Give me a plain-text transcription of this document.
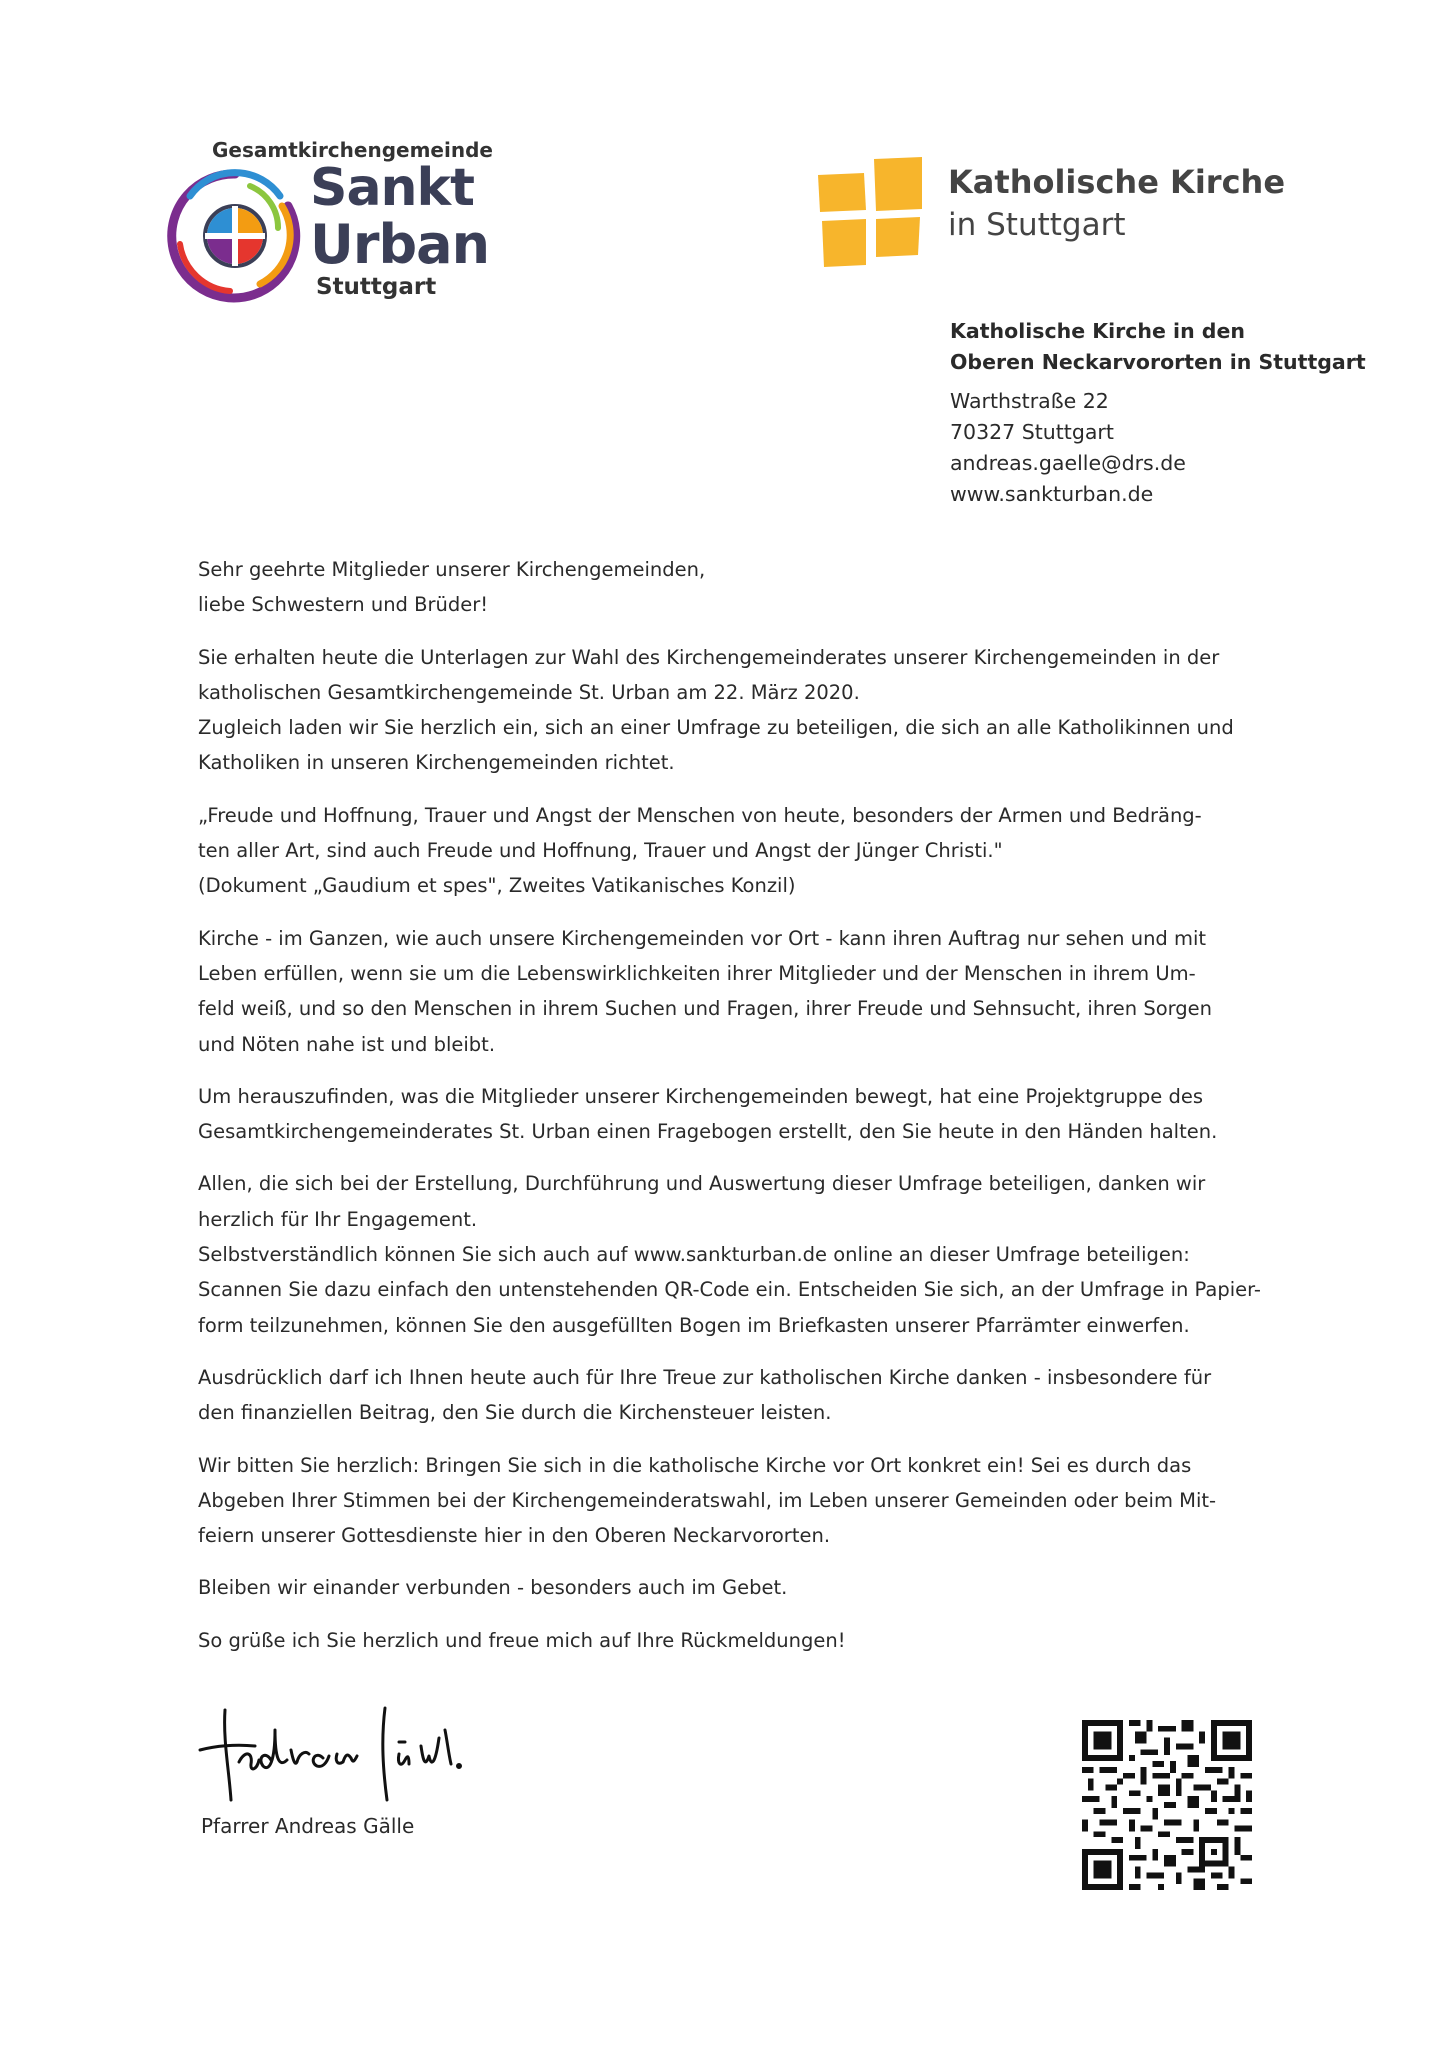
Gesamtkirchengemeinde
Sankt
Urban
Stuttgart
Katholische Kirche
in Stuttgart
Katholische Kirche in den
Oberen Neckarvororten in Stuttgart
Warthstraße 22
70327 Stuttgart
andreas.gaelle@drs.de
www.sankturban.de

Sehr geehrte Mitglieder unserer Kirchengemeinden,
liebe Schwestern und Brüder!

Sie erhalten heute die Unterlagen zur Wahl des Kirchengemeinderates unserer Kirchengemeinden in der
katholischen Gesamtkirchengemeinde St. Urban am 22. März 2020.
Zugleich laden wir Sie herzlich ein, sich an einer Umfrage zu beteiligen, die sich an alle Katholikinnen und
Katholiken in unseren Kirchengemeinden richtet.

„Freude und Hoffnung, Trauer und Angst der Menschen von heute, besonders der Armen und Bedräng-
ten aller Art, sind auch Freude und Hoffnung, Trauer und Angst der Jünger Christi."
(Dokument „Gaudium et spes", Zweites Vatikanisches Konzil)

Kirche - im Ganzen, wie auch unsere Kirchengemeinden vor Ort - kann ihren Auftrag nur sehen und mit
Leben erfüllen, wenn sie um die Lebenswirklichkeiten ihrer Mitglieder und der Menschen in ihrem Um-
feld weiß, und so den Menschen in ihrem Suchen und Fragen, ihrer Freude und Sehnsucht, ihren Sorgen
und Nöten nahe ist und bleibt.

Um herauszufinden, was die Mitglieder unserer Kirchengemeinden bewegt, hat eine Projektgruppe des
Gesamtkirchengemeinderates St. Urban einen Fragebogen erstellt, den Sie heute in den Händen halten.

Allen, die sich bei der Erstellung, Durchführung und Auswertung dieser Umfrage beteiligen, danken wir
herzlich für Ihr Engagement.
Selbstverständlich können Sie sich auch auf www.sankturban.de online an dieser Umfrage beteiligen:
Scannen Sie dazu einfach den untenstehenden QR-Code ein. Entscheiden Sie sich, an der Umfrage in Papier-
form teilzunehmen, können Sie den ausgefüllten Bogen im Briefkasten unserer Pfarrämter einwerfen.

Ausdrücklich darf ich Ihnen heute auch für Ihre Treue zur katholischen Kirche danken - insbesondere für
den finanziellen Beitrag, den Sie durch die Kirchensteuer leisten.

Wir bitten Sie herzlich: Bringen Sie sich in die katholische Kirche vor Ort konkret ein! Sei es durch das
Abgeben Ihrer Stimmen bei der Kirchengemeinderatswahl, im Leben unserer Gemeinden oder beim Mit-
feiern unserer Gottesdienste hier in den Oberen Neckarvororten.

Bleiben wir einander verbunden - besonders auch im Gebet.

So grüße ich Sie herzlich und freue mich auf Ihre Rückmeldungen!

Pfarrer Andreas Gälle
